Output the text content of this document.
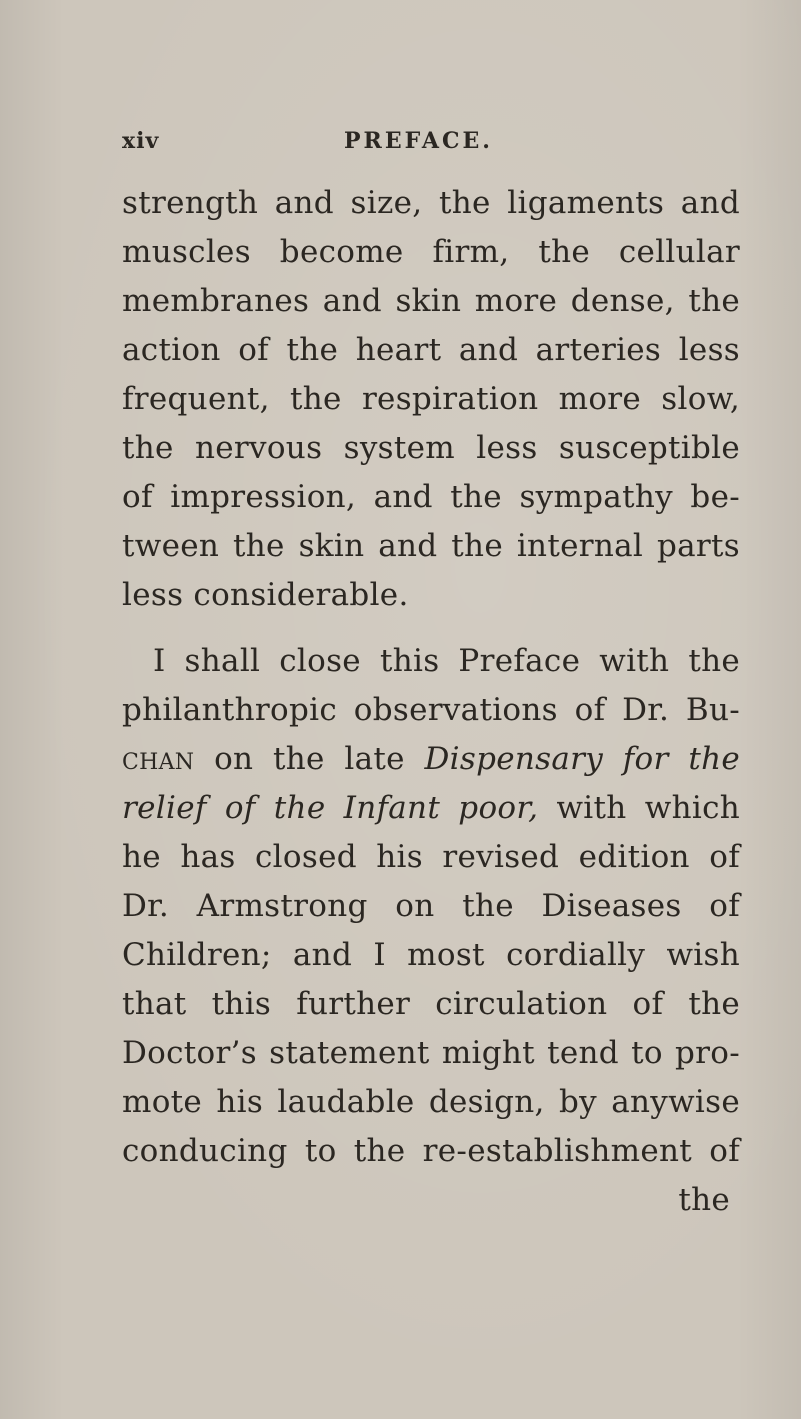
xiv	PREFACE.
strength and size, the ligaments and
muscles become firm, the cellular
membranes and skin more dense, the
action of the heart and arteries less
frequent, the respiration more slow,
the nervous system less susceptible
of impression, and the sympathy be-
tween the skin and the internal parts
less considerable.
I shall close this Preface with the
philanthropic observations of Dr. Bu-
chan on the late Dispensary for the
relief of the Infant poor, with which
he has closed his revised edition of
Dr. Armstrong on the Diseases of
Children; and I most cordially wish
that this further circulation of the
Doctor’s statement might tend to pro-
mote his laudable design, by anywise
conducing to the re-establishment of
the
